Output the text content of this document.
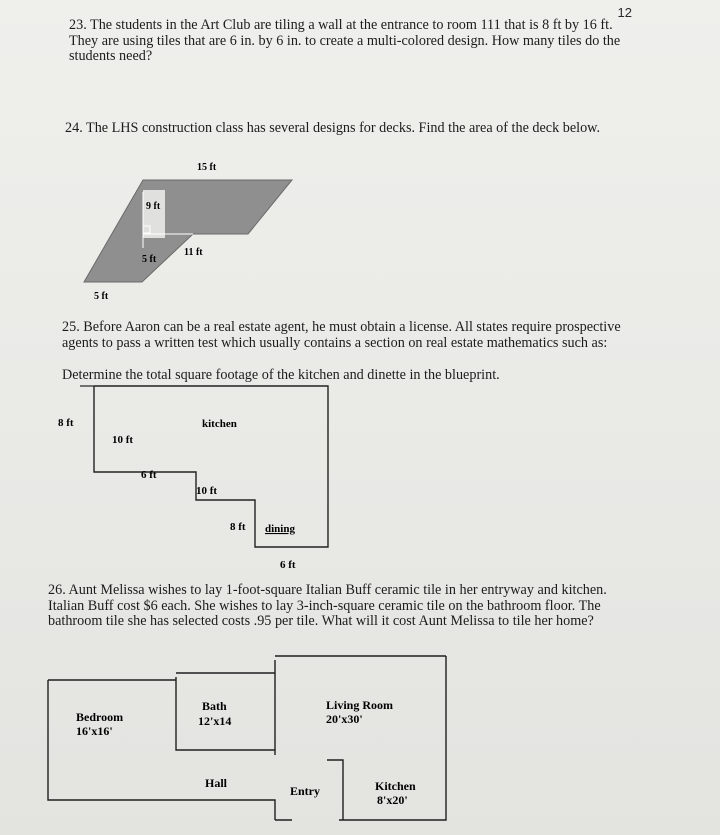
12

23. The students in the Art Club are tiling a wall at the entrance to room 111 that is 8 ft by 16 ft. They are using tiles that are 6 in. by 6 in. to create a multi-colored design. How many tiles do the students need?

24. The LHS construction class has several designs for decks. Find the area of the deck below.

15 ft
9 ft
11 ft
5 ft
5 ft

25. Before Aaron can be a real estate agent, he must obtain a license. All states require prospective agents to pass a written test which usually contains a section on real estate mathematics such as:

Determine the total square footage of the kitchen and dinette in the blueprint.

8 ft	kitchen
10 ft
6 ft
10 ft
8 ft dining
6 ft

26. Aunt Melissa wishes to lay 1-foot-square Italian Buff ceramic tile in her entryway and kitchen. Italian Buff cost $6 each. She wishes to lay 3-inch-square ceramic tile on the bathroom floor. The bathroom tile she has selected costs .95 per tile. What will it cost Aunt Melissa to tile her home?

Bedroom
16'x16'
Bath
12'x14
Living Room
20'x30'
Hall
Entry	Kitchen
8'x20'
